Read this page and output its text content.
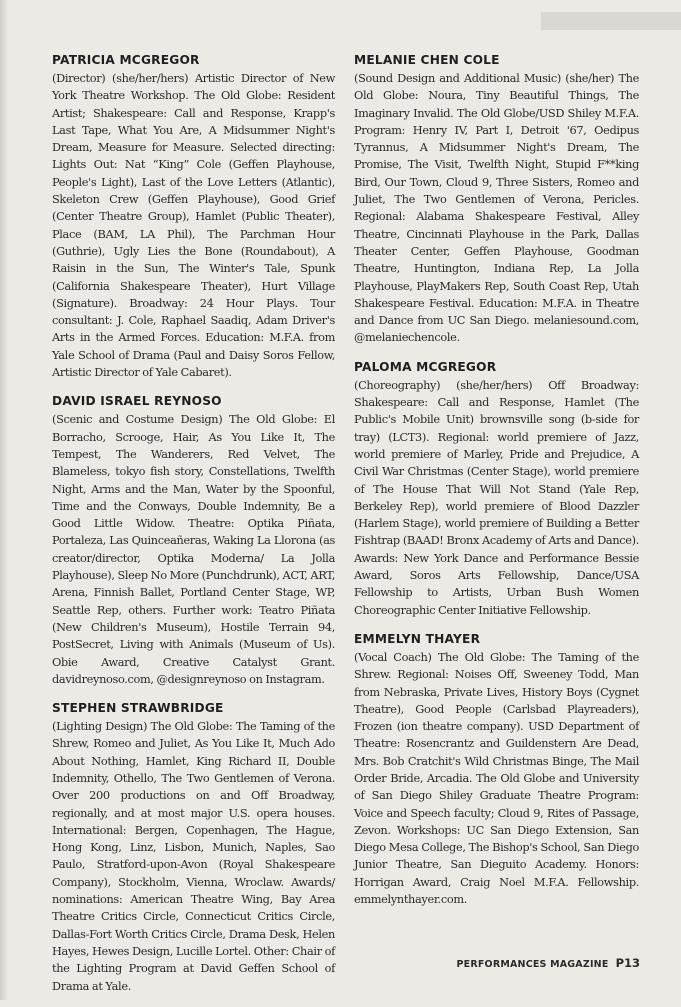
PATRICIA MCGREGOR

(Director) (she/her/hers) Artistic Director of New York Theatre Workshop. The Old Globe: Resident Artist; Shakespeare: Call and Response, Krapp's Last Tape, What You Are, A Midsummer Night's Dream, Measure for Measure. Selected directing: Lights Out: Nat “King” Cole (Geffen Playhouse, People's Light), Last of the Love Letters (Atlantic), Skeleton Crew (Geffen Playhouse), Good Grief (Center Theatre Group), Hamlet (Public Theater), Place (BAM, LA Phil), The Parchman Hour (Guthrie), Ugly Lies the Bone (Roundabout), A Raisin in the Sun, The Winter's Tale, Spunk (California Shakespeare Theater), Hurt Village (Signature). Broadway: 24 Hour Plays. Tour consultant: J. Cole, Raphael Saadiq, Adam Driver's Arts in the Armed Forces. Education: M.F.A. from Yale School of Drama (Paul and Daisy Soros Fellow, Artistic Director of Yale Cabaret).

DAVID ISRAEL REYNOSO

(Scenic and Costume Design) The Old Globe: El Borracho, Scrooge, Hair, As You Like It, The Tempest, The Wanderers, Red Velvet, The Blameless, tokyo fish story, Constellations, Twelfth Night, Arms and the Man, Water by the Spoonful, Time and the Conways, Double Indemnity, Be a Good Little Widow. Theatre: Optika Piñata, Portaleza, Las Quinceañeras, Waking La Llorona (as creator/director, Optika Moderna/ La Jolla Playhouse), Sleep No More (Punchdrunk), ACT, ART, Arena, Finnish Ballet, Portland Center Stage, WP, Seattle Rep, others. Further work: Teatro Piñata (New Children's Museum), Hostile Terrain 94, PostSecret, Living with Animals (Museum of Us). Obie Award, Creative Catalyst Grant. davidreynoso.com, @designreynoso on Instagram.

STEPHEN STRAWBRIDGE

(Lighting Design) The Old Globe: The Taming of the Shrew, Romeo and Juliet, As You Like It, Much Ado About Nothing, Hamlet, King Richard II, Double Indemnity, Othello, The Two Gentlemen of Verona. Over 200 productions on and Off Broadway, regionally, and at most major U.S. opera houses. International: Bergen, Copenhagen, The Hague, Hong Kong, Linz, Lisbon, Munich, Naples, Sao Paulo, Stratford-upon-Avon (Royal Shakespeare Company), Stockholm, Vienna, Wroclaw. Awards/ nominations: American Theatre Wing, Bay Area Theatre Critics Circle, Connecticut Critics Circle, Dallas-Fort Worth Critics Circle, Drama Desk, Helen Hayes, Hewes Design, Lucille Lortel. Other: Chair of the Lighting Program at David Geffen School of Drama at Yale.

MELANIE CHEN COLE

(Sound Design and Additional Music) (she/her) The Old Globe: Noura, Tiny Beautiful Things, The Imaginary Invalid. The Old Globe/USD Shiley M.F.A. Program: Henry IV, Part I, Detroit '67, Oedipus Tyrannus, A Midsummer Night's Dream, The Promise, The Visit, Twelfth Night, Stupid F**king Bird, Our Town, Cloud 9, Three Sisters, Romeo and Juliet, The Two Gentlemen of Verona, Pericles. Regional: Alabama Shakespeare Festival, Alley Theatre, Cincinnati Playhouse in the Park, Dallas Theater Center, Geffen Playhouse, Goodman Theatre, Huntington, Indiana Rep, La Jolla Playhouse, PlayMakers Rep, South Coast Rep, Utah Shakespeare Festival. Education: M.F.A. in Theatre and Dance from UC San Diego. melaniesound.com, @melaniechencole.

PALOMA MCGREGOR

(Choreography) (she/her/hers) Off Broadway: Shakespeare: Call and Response, Hamlet (The Public's Mobile Unit) brownsville song (b-side for tray) (LCT3). Regional: world premiere of Jazz, world premiere of Marley, Pride and Prejudice, A Civil War Christmas (Center Stage), world premiere of The House That Will Not Stand (Yale Rep, Berkeley Rep), world premiere of Blood Dazzler (Harlem Stage), world premiere of Building a Better Fishtrap (BAAD! Bronx Academy of Arts and Dance). Awards: New York Dance and Performance Bessie Award, Soros Arts Fellowship, Dance/USA Fellowship to Artists, Urban Bush Women Choreographic Center Initiative Fellowship.

EMMELYN THAYER

(Vocal Coach) The Old Globe: The Taming of the Shrew. Regional: Noises Off, Sweeney Todd, Man from Nebraska, Private Lives, History Boys (Cygnet Theatre), Good People (Carlsbad Playreaders), Frozen (ion theatre company). USD Department of Theatre: Rosencrantz and Guildenstern Are Dead, Mrs. Bob Cratchit's Wild Christmas Binge, The Mail Order Bride, Arcadia. The Old Globe and University of San Diego Shiley Graduate Theatre Program: Voice and Speech faculty; Cloud 9, Rites of Passage, Zevon. Workshops: UC San Diego Extension, San Diego Mesa College, The Bishop's School, San Diego Junior Theatre, San Dieguito Academy. Honors: Horrigan Award, Craig Noel M.F.A. Fellowship. emmelynthayer.com.

PERFORMANCES MAGAZINE P13
